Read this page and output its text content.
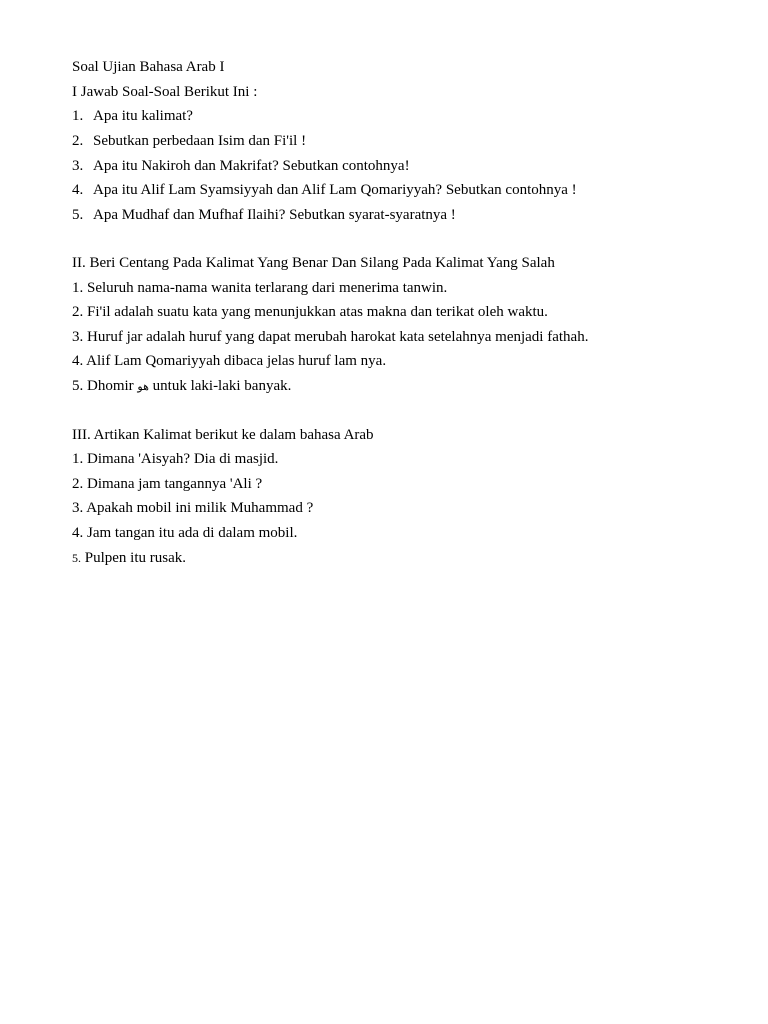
Soal Ujian Bahasa Arab I
I Jawab Soal-Soal Berikut Ini :
1. Apa itu kalimat?
2. Sebutkan perbedaan Isim dan Fi'il !
3. Apa itu Nakiroh dan Makrifat? Sebutkan contohnya!
4. Apa itu Alif Lam Syamsiyyah dan Alif Lam Qomariyyah? Sebutkan contohnya !
5. Apa Mudhaf dan Mufhaf Ilaihi? Sebutkan syarat-syaratnya !
II. Beri Centang Pada Kalimat Yang Benar Dan Silang Pada Kalimat Yang Salah
1. Seluruh nama-nama wanita terlarang dari menerima tanwin.
2. Fi'il adalah suatu kata yang menunjukkan atas makna dan terikat oleh waktu.
3. Huruf jar adalah huruf yang dapat merubah harokat kata setelahnya menjadi fathah.
4. Alif Lam Qomariyyah dibaca jelas huruf lam nya.
5. Dhomir هو untuk laki-laki banyak.
III. Artikan Kalimat berikut ke dalam bahasa Arab
1. Dimana 'Aisyah? Dia di masjid.
2. Dimana jam tangannya 'Ali ?
3. Apakah mobil ini milik Muhammad ?
4. Jam tangan itu ada di dalam mobil.
5. Pulpen itu rusak.
